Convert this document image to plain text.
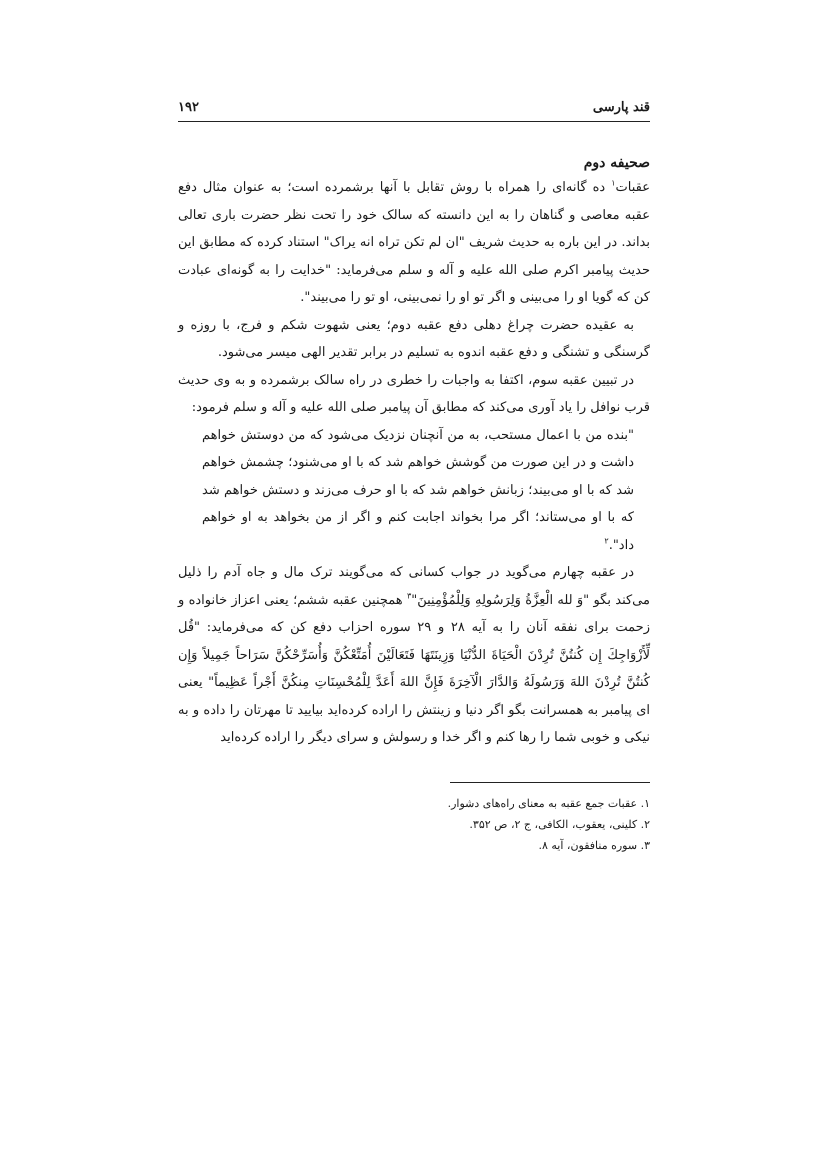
قند پارسی
۱۹۲
صحیفه دوم

عقبات$^۱$ ده گانه‌ای را همراه با روش تقابل با آنها برشمرده است؛ به عنوان مثال دفع عقبه معاصی و گناهان را به این دانسته که سالک خود را تحت نظر حضرت باری تعالی بداند. در این باره به حدیث شریف "ان لم تکن تراه انه یراک" استناد کرده که مطابق این حدیث پیامبر اکرم صلی الله علیه و آله و سلم می‌فرماید: "خدایت را به گونه‌ای عبادت کن که گویا او را می‌بینی و اگر تو او را نمی‌بینی، او تو را می‌بیند".

به عقیده حضرت چراغ دهلی دفع عقبه دوم؛ یعنی شهوت شکم و فرج، با روزه و گرسنگی و تشنگی و دفع عقبه اندوه به تسلیم در برابر تقدیر الهی میسر می‌شود.

در تبیین عقبه سوم، اکتفا به واجبات را خطری در راه سالک برشمرده و به وی حدیث قرب نوافل را یاد آوری می‌کند که مطابق آن پیامبر صلی الله علیه و آله و سلم فرمود:

"بنده من با اعمال مستحب، به من آنچنان نزدیک می‌شود که من دوستش خواهم داشت و در این صورت من گوشش خواهم شد که با او می‌شنود؛ چشمش خواهم شد که با او می‌بیند؛ زبانش خواهم شد که با او حرف می‌زند و دستش خواهم شد که با او می‌ستاند؛ اگر مرا بخواند اجابت کنم و اگر از من بخواهد به او خواهم داد".$^۲$

در عقبه چهارم می‌گوید در جواب کسانی که می‌گویند ترک مال و جاه آدم را ذلیل می‌کند بگو "وَ لله الْعِزَّةُ وَلِرَسُولِهِ وَلِلْمُؤْمِنِينَ"$^۳$ همچنین عقبه ششم؛ یعنی اعزاز خانواده و زحمت برای نفقه آنان را به آیه ۲۸ و ۲۹ سوره احزاب دفع کن که می‌فرماید: "قُل لِّأَزْوَاجِكَ إِن كُنتُنَّ تُرِدْنَ الْحَيَاةَ الدُّنْيَا وَزِينَتَهَا فَتَعَالَيْنَ أُمَتِّعْكُنَّ وَأُسَرِّحْكُنَّ سَرَاحاً جَمِيلاً وَإِن كُنتُنَّ تُرِدْنَ اللهَ وَرَسُولَهُ وَالدَّارَ الْآخِرَةَ فَإِنَّ اللهَ أَعَدَّ لِلْمُحْسِنَاتِ مِنكُنَّ أَجْراً عَظِيماً" یعنی ای پیامبر به همسرانت بگو اگر دنیا و زینتش را اراده کرده‌اید بیایید تا مهرتان را داده و به نیکی و خوبی شما را رها کنم و اگر خدا و رسولش و سرای دیگر را اراده کرده‌اید

۱. عقبات جمع عقبه به معنای راه‌های دشوار.
۲. کلینی، یعقوب، الکافی، ج ۲، ص ۳۵۲.
۳. سوره منافقون، آیه ۸.
